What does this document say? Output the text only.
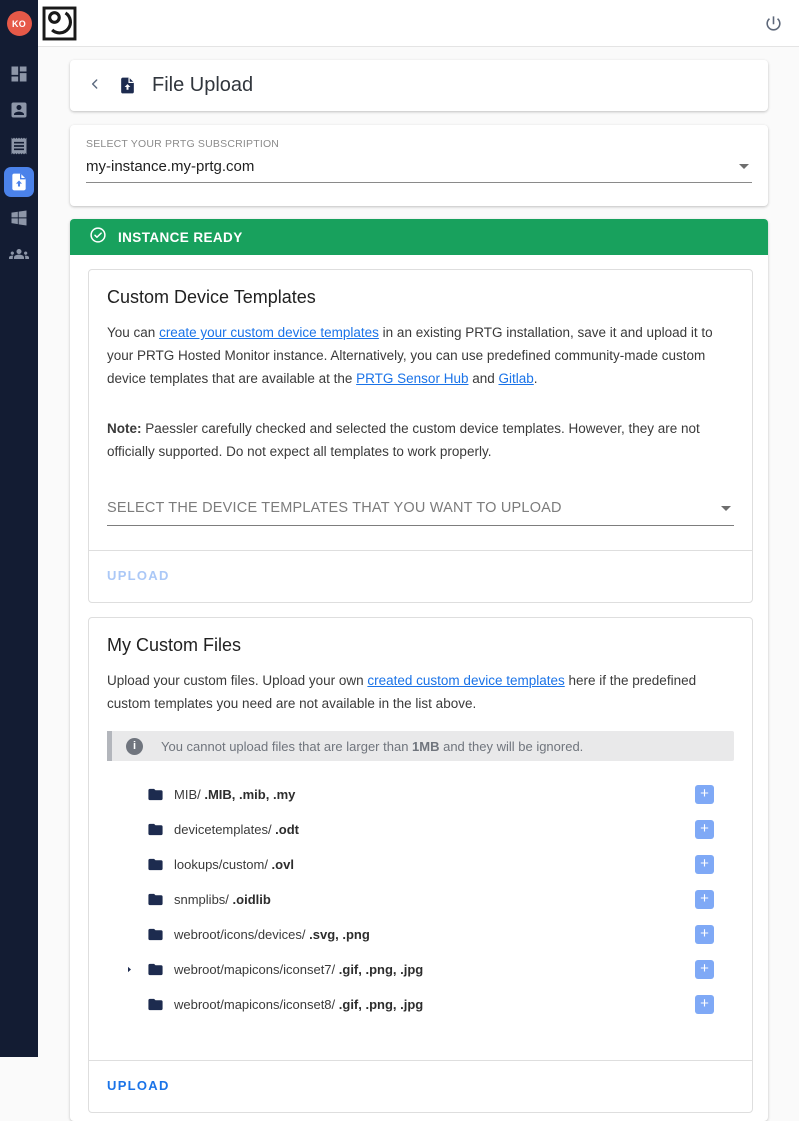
KO
File Upload
SELECT YOUR PRTG SUBSCRIPTION
my-instance.my-prtg.com
INSTANCE READY
Custom Device Templates

You can create your custom device templates in an existing PRTG installation, save it and upload it to your PRTG Hosted Monitor instance. Alternatively, you can use predefined community-made custom device templates that are available at the PRTG Sensor Hub and Gitlab.

Note: Paessler carefully checked and selected the custom device templates. However, they are not officially supported. Do not expect all templates to work properly.

SELECT THE DEVICE TEMPLATES THAT YOU WANT TO UPLOAD
UPLOAD
My Custom Files

Upload your custom files. Upload your own created custom device templates here if the predefined custom templates you need are not available in the list above.

i	You cannot upload files that are larger than 1MB and they will be ignored.
MIB/ .MIB, .mib, .my	+
devicetemplates/ .odt	+
lookups/custom/ .ovl	+
snmplibs/ .oidlib	+
webroot/icons/devices/ .svg, .png	+
webroot/mapicons/iconset7/ .gif, .png, .jpg	+
webroot/mapicons/iconset8/ .gif, .png, .jpg	+
UPLOAD
